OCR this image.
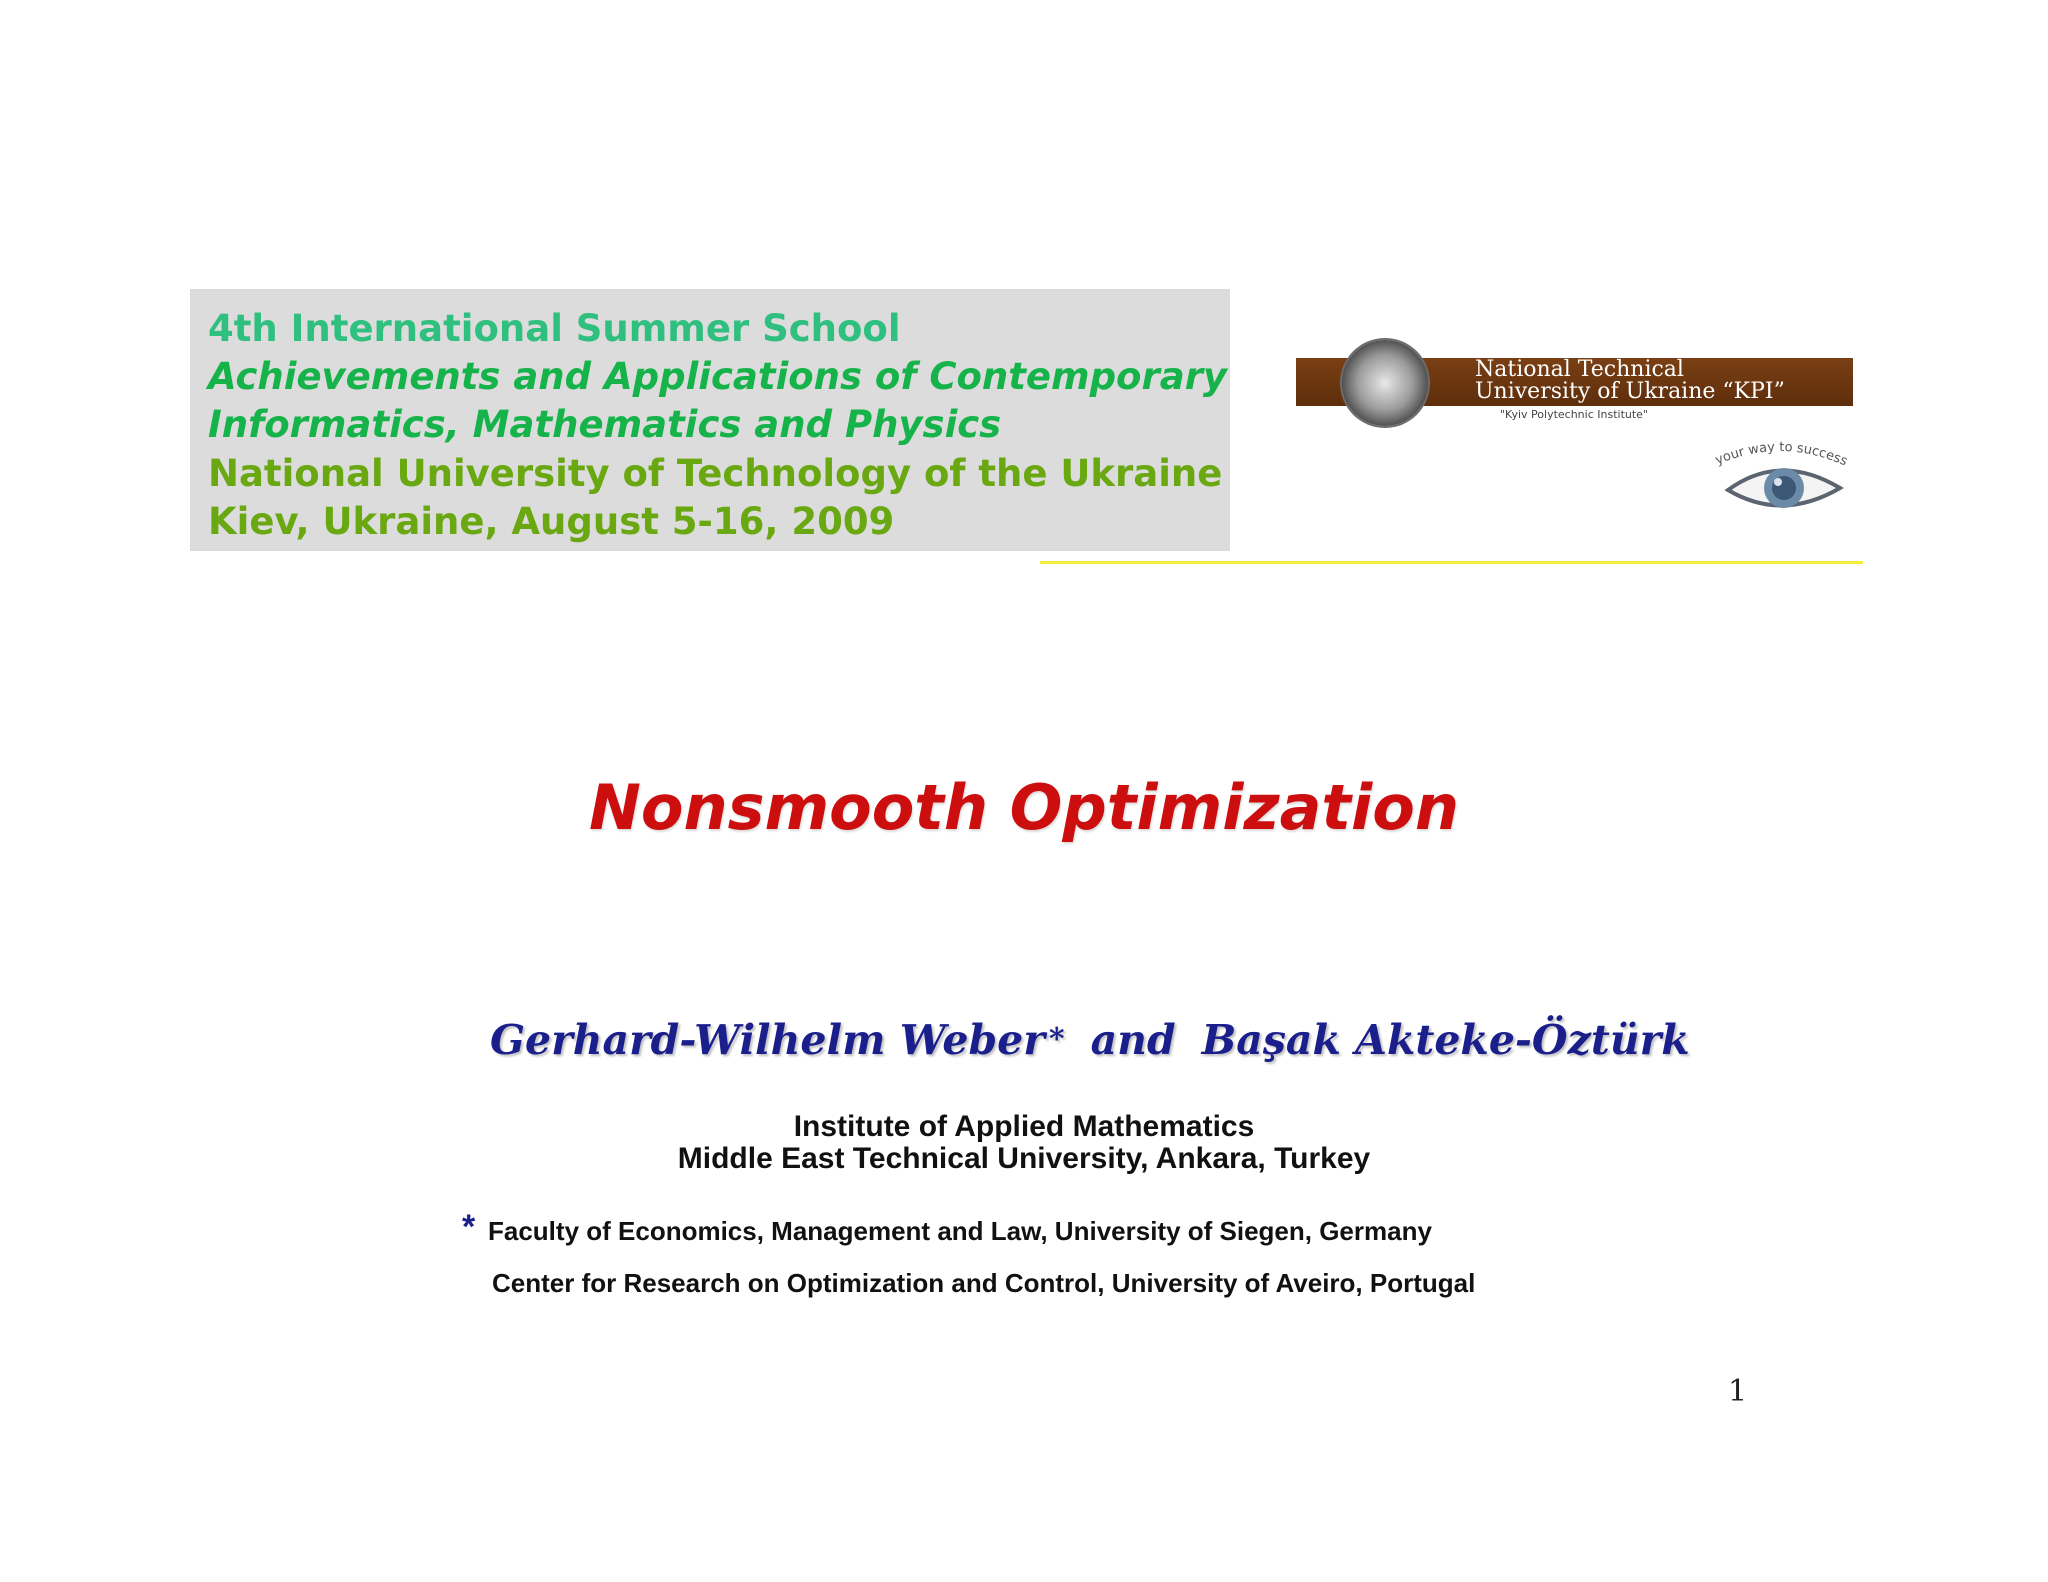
4th International Summer School
Achievements and Applications of Contemporary
Informatics, Mathematics and Physics
National University of Technology of the Ukraine
Kiev, Ukraine, August 5-16, 2009
National Technical
University of Ukraine “KPI”
"Kyiv Polytechnic Institute"
your way to success
Nonsmooth Optimization
Gerhard-Wilhelm Weber * and Başak Akteke-Öztürk
Institute of Applied Mathematics
Middle East Technical University, Ankara, Turkey
* Faculty of Economics, Management and Law, University of Siegen, Germany
Center for Research on Optimization and Control, University of Aveiro, Portugal
1
